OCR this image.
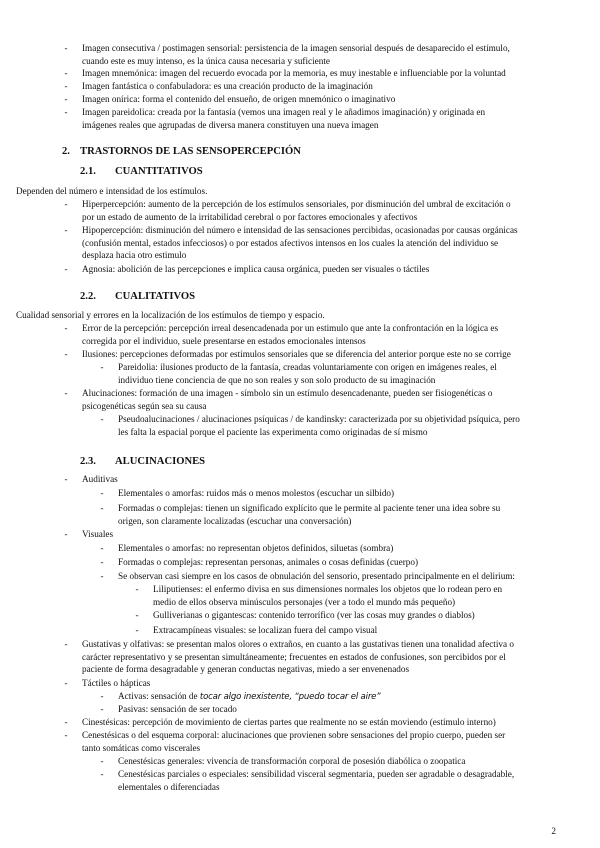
- Imagen consecutiva / postimagen sensorial: persistencia de la imagen sensorial después de desaparecido el estímulo,
cuando este es muy intenso, es la única causa necesaria y suficiente
- Imagen mnemónica: imagen del recuerdo evocada por la memoria, es muy inestable e influenciable por la voluntad
- Imagen fantástica o confabuladora: es una creación producto de la imaginación
- Imagen onírica: forma el contenido del ensueño, de origen mnemónico o imaginativo
- Imagen pareidolica: creada por la fantasía (vemos una imagen real y le añadimos imaginación) y originada en
imágenes reales que agrupadas de diversa manera constituyen una nueva imagen
2. TRASTORNOS DE LAS SENSOPERCEPCIÓN
2.1. CUANTITATIVOS
Dependen del número e intensidad de los estímulos.
- Hiperpercepción: aumento de la percepción de los estímulos sensoriales, por disminución del umbral de excitación o
por un estado de aumento de la irritabilidad cerebral o por factores emocionales y afectivos
- Hipopercepción: disminución del número e intensidad de las sensaciones percibidas, ocasionadas por causas orgánicas
(confusión mental, estados infecciosos) o por estados afectivos intensos en los cuales la atención del individuo se
desplaza hacia otro estimulo
- Agnosia: abolición de las percepciones e implica causa orgánica, pueden ser visuales o táctiles
2.2. CUALITATIVOS
Cualidad sensorial y errores en la localización de los estímulos de tiempo y espacio.
- Error de la percepción: percepción irreal desencadenada por un estimulo que ante la confrontación en la lógica es
corregida por el individuo, suele presentarse en estados emocionales intensos
- Ilusiones: percepciones deformadas por estímulos sensoriales que se diferencia del anterior porque este no se corrige
- Pareidolia: ilusiones producto de la fantasía, creadas voluntariamente con origen en imágenes reales, el
individuo tiene conciencia de que no son reales y son solo producto de su imaginación
- Alucinaciones: formación de una imagen - símbolo sin un estímulo desencadenante, pueden ser fisiogenéticas o
psicogenéticas según sea su causa
- Pseudoalucinaciones / alucinaciones psíquicas / de kandinsky: caracterizada por su objetividad psíquica, pero
les falta la espacial porque el paciente las experimenta como originadas de sí mismo
2.3. ALUCINACIONES
- Auditivas
- Elementales o amorfas: ruidos más o menos molestos (escuchar un silbido)
- Formadas o complejas: tienen un significado explícito que le permite al paciente tener una idea sobre su
origen, son claramente localizadas (escuchar una conversación)
- Visuales
- Elementales o amorfas: no representan objetos definidos, siluetas (sombra)
- Formadas o complejas: representan personas, animales o cosas definidas (cuerpo)
- Se observan casi siempre en los casos de obnulación del sensorio, presentado principalmente en el delirium:
- Liliputienses: el enfermo divisa en sus dimensiones normales los objetos que lo rodean pero en
medio de ellos observa minúsculos personajes (ver a todo el mundo más pequeño)
- Gulliverianas o gigantescas: contenido terrorífico (ver las cosas muy grandes o diablos)
- Extracampíneas visuales: se localizan fuera del campo visual
- Gustativas y olfativas: se presentan malos olores o extraños, en cuanto a las gustativas tienen una tonalidad afectiva o
carácter representativo y se presentan simultáneamente; frecuentes en estados de confusiones, son percibidos por el
paciente de forma desagradable y generan conductas negativas, miedo a ser envenenados
- Táctiles o hápticas
- Activas: sensación de tocar algo inexistente, “puedo tocar el aire”
- Pasivas: sensación de ser tocado
- Cinestésicas: percepción de movimiento de ciertas partes que realmente no se están moviendo (estímulo interno)
- Cenestésicas o del esquema corporal: alucinaciones que provienen sobre sensaciones del propio cuerpo, pueden ser
tanto somáticas como viscerales
- Cenestésicas generales: vivencia de transformación corporal de posesión diabólica o zoopatica
- Cenestésicas parciales o especiales: sensibilidad visceral segmentaria, pueden ser agradable o desagradable,
elementales o diferenciadas
2
